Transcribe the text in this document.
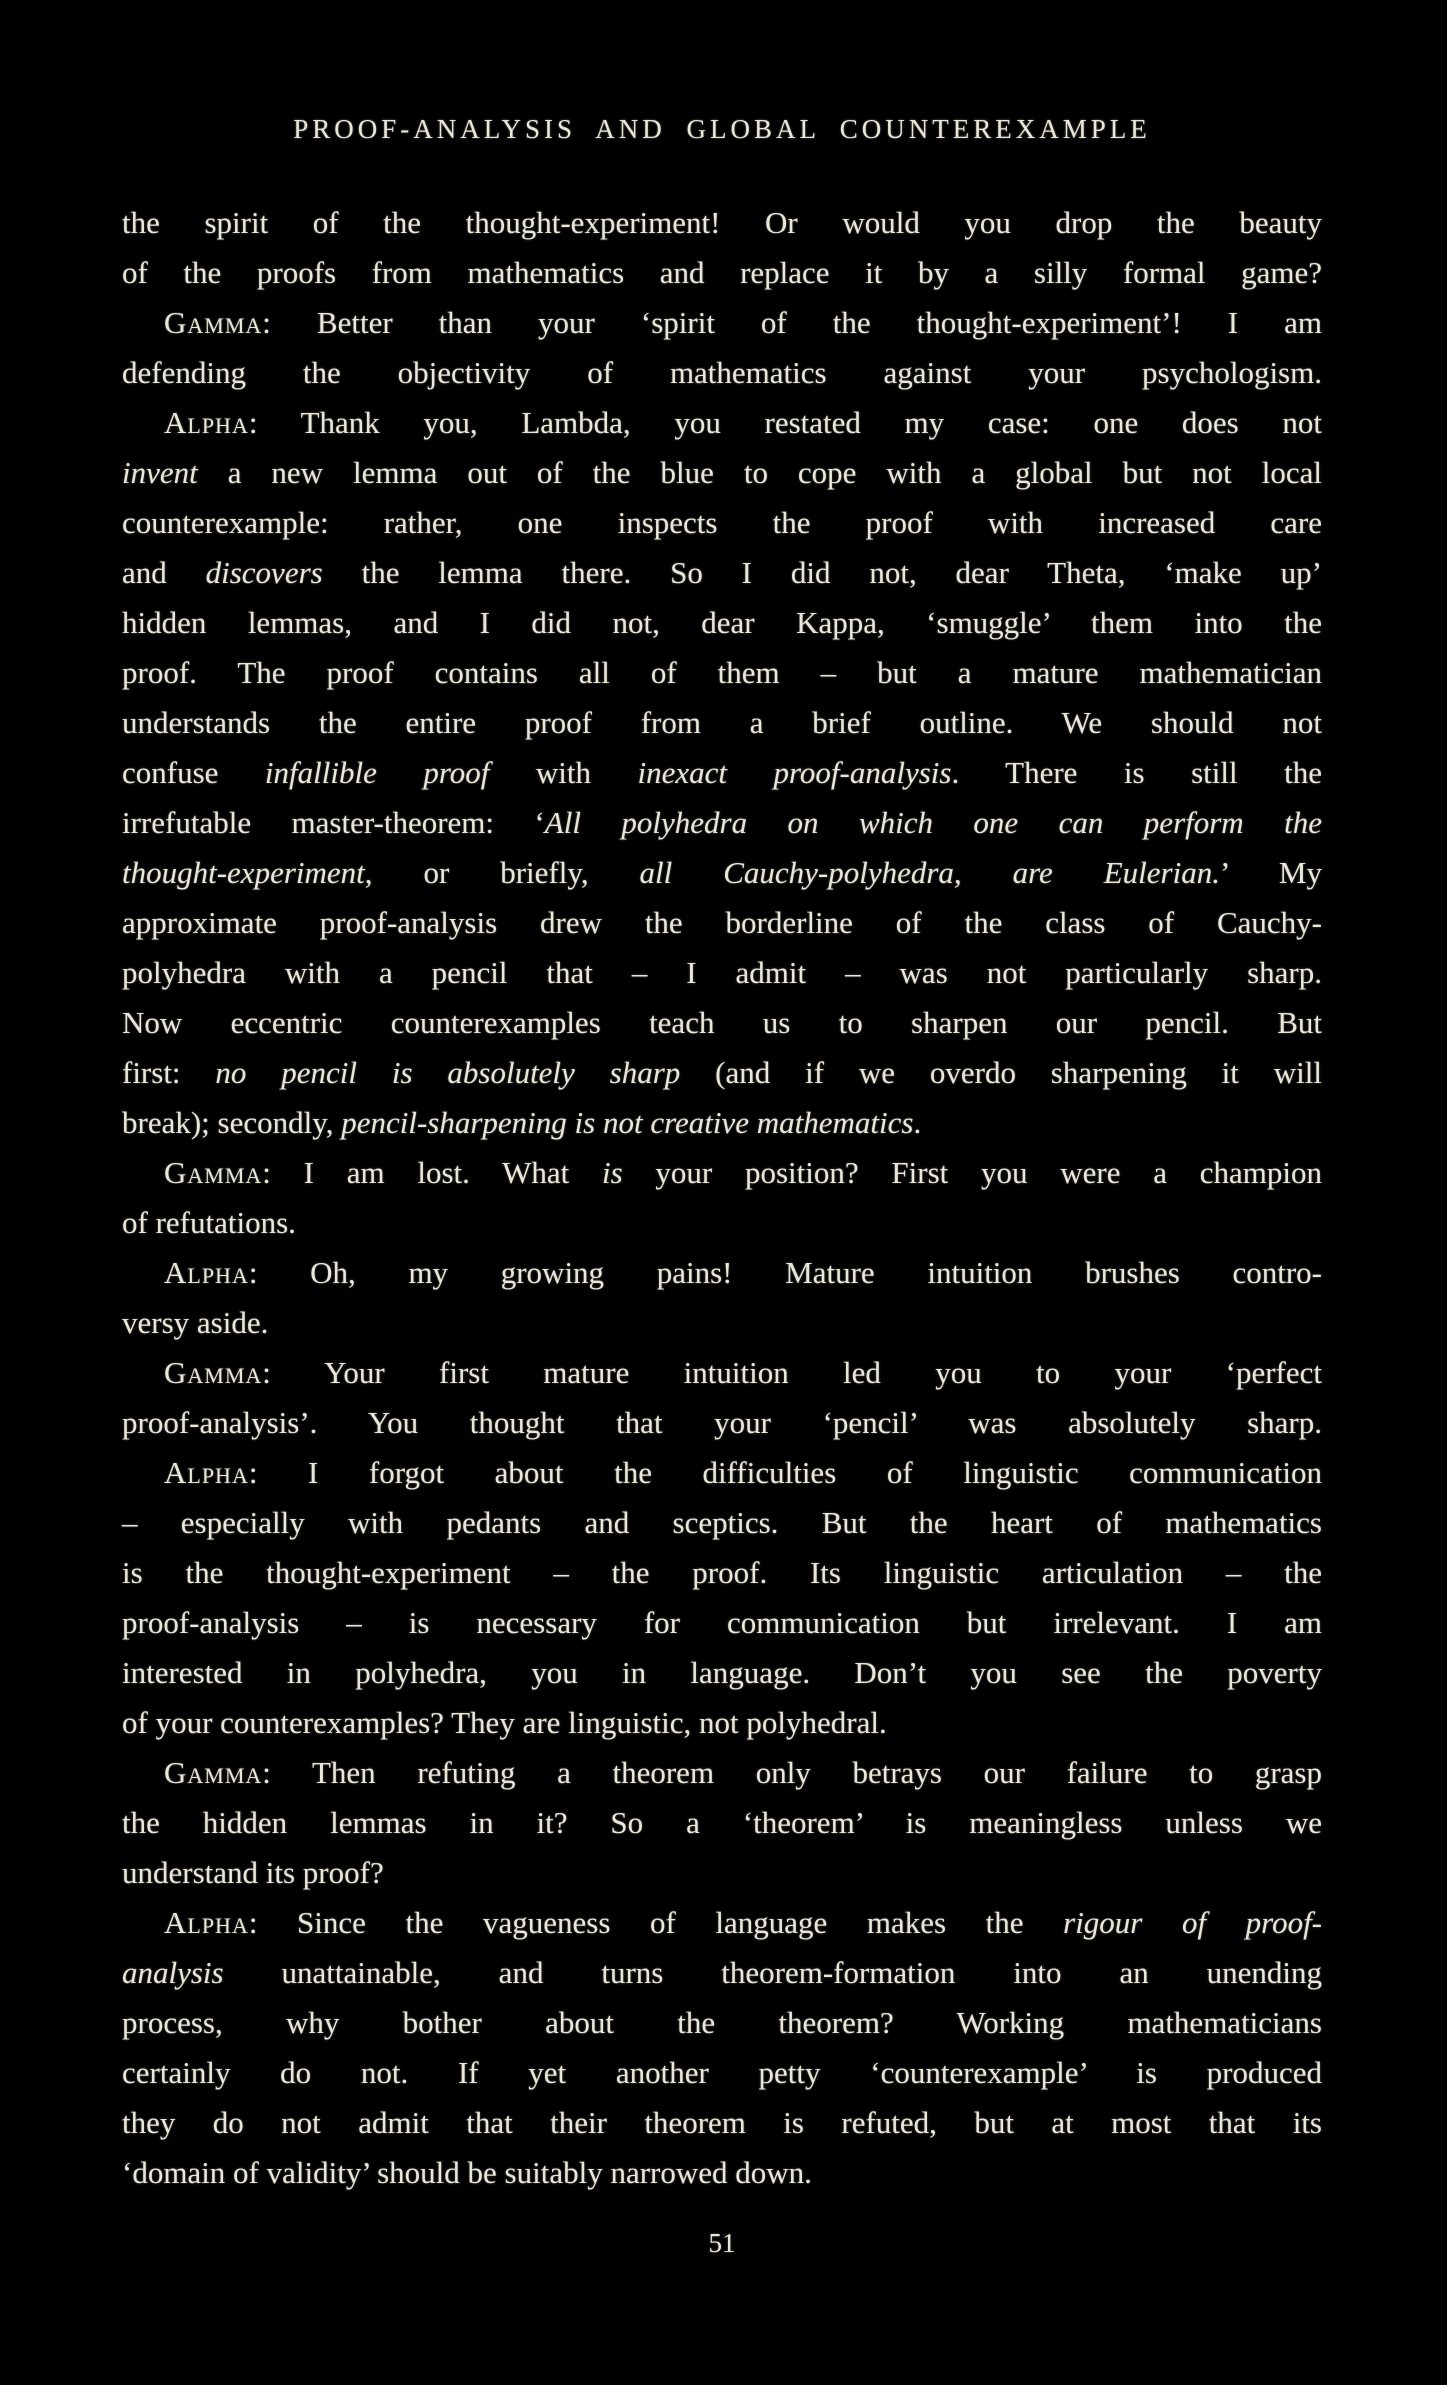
PROOF-ANALYSIS AND GLOBAL COUNTEREXAMPLE
the spirit of the thought-experiment! Or would you drop the beauty
of the proofs from mathematics and replace it by a silly formal game?
Gamma: Better than your ‘spirit of the thought-experiment’! I am
defending the objectivity of mathematics against your psychologism.
Alpha: Thank you, Lambda, you restated my case: one does not
invent a new lemma out of the blue to cope with a global but not local
counterexample: rather, one inspects the proof with increased care
and discovers the lemma there. So I did not, dear Theta, ‘make up’
hidden lemmas, and I did not, dear Kappa, ‘smuggle’ them into the
proof. The proof contains all of them – but a mature mathematician
understands the entire proof from a brief outline. We should not
confuse infallible proof with inexact proof-analysis. There is still the
irrefutable master-theorem: ‘All polyhedra on which one can perform the
thought-experiment, or briefly, all Cauchy-polyhedra, are Eulerian.’ My
approximate proof-analysis drew the borderline of the class of Cauchy-
polyhedra with a pencil that – I admit – was not particularly sharp.
Now eccentric counterexamples teach us to sharpen our pencil. But
first: no pencil is absolutely sharp (and if we overdo sharpening it will
break); secondly, pencil-sharpening is not creative mathematics.
Gamma: I am lost. What is your position? First you were a champion
of refutations.
Alpha: Oh, my growing pains! Mature intuition brushes contro-
versy aside.
Gamma: Your first mature intuition led you to your ‘perfect
proof-analysis’. You thought that your ‘pencil’ was absolutely sharp.
Alpha: I forgot about the difficulties of linguistic communication
– especially with pedants and sceptics. But the heart of mathematics
is the thought-experiment – the proof. Its linguistic articulation – the
proof-analysis – is necessary for communication but irrelevant. I am
interested in polyhedra, you in language. Don’t you see the poverty
of your counterexamples? They are linguistic, not polyhedral.
Gamma: Then refuting a theorem only betrays our failure to grasp
the hidden lemmas in it? So a ‘theorem’ is meaningless unless we
understand its proof?
Alpha: Since the vagueness of language makes the rigour of proof-
analysis unattainable, and turns theorem-formation into an unending
process, why bother about the theorem? Working mathematicians
certainly do not. If yet another petty ‘counterexample’ is produced
they do not admit that their theorem is refuted, but at most that its
‘domain of validity’ should be suitably narrowed down.
51
